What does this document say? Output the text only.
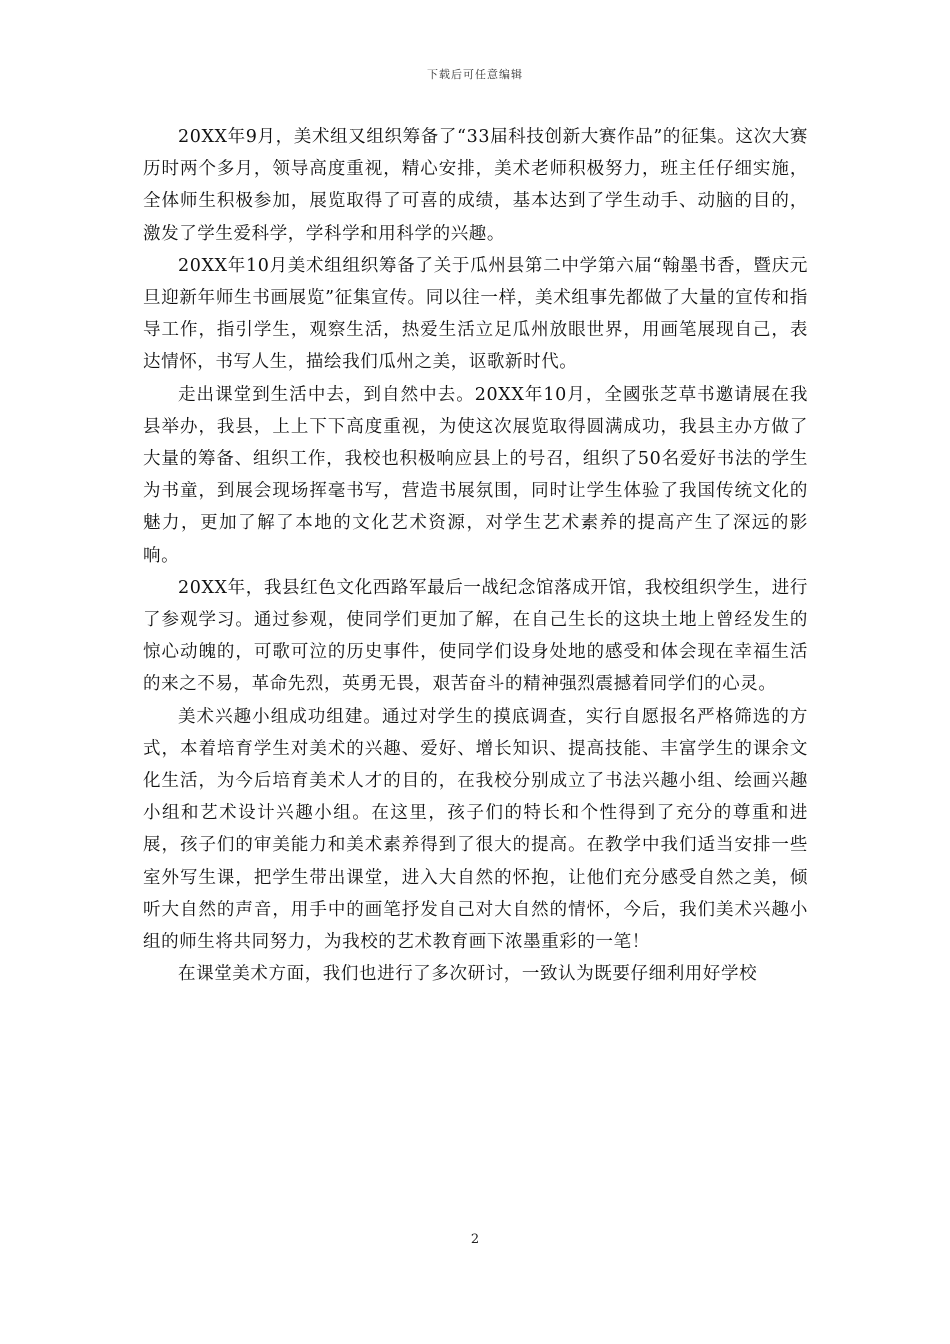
下载后可任意编辑

20XX年9月，美术组又组织筹备了“33届科技创新大赛作品”的征集。这次大赛历时两个多月，领导高度重视，精心安排，美术老师积极努力，班主任仔细实施，全体师生积极参加，展览取得了可喜的成绩，基本达到了学生动手、动脑的目的，激发了学生爱科学，学科学和用科学的兴趣。

20XX年10月美术组组织筹备了关于瓜州县第二中学第六届“翰墨书香，暨庆元旦迎新年师生书画展览”征集宣传。同以往一样，美术组事先都做了大量的宣传和指导工作，指引学生，观察生活，热爱生活立足瓜州放眼世界，用画笔展现自己，表达情怀，书写人生，描绘我们瓜州之美，讴歌新时代。

走出课堂到生活中去，到自然中去。20XX年10月，全國张芝草书邀请展在我县举办，我县，上上下下高度重视，为使这次展览取得圆满成功，我县主办方做了大量的筹备、组织工作，我校也积极响应县上的号召，组织了50名爱好书法的学生为书童，到展会现场挥毫书写，营造书展氛围，同时让学生体验了我国传统文化的魅力，更加了解了本地的文化艺术资源，对学生艺术素养的提高产生了深远的影响。

20XX年，我县红色文化西路军最后一战纪念馆落成开馆，我校组织学生，进行了参观学习。通过参观，使同学们更加了解，在自己生长的这块土地上曾经发生的惊心动魄的，可歌可泣的历史事件，使同学们设身处地的感受和体会现在幸福生活的来之不易，革命先烈，英勇无畏，艰苦奋斗的精神强烈震撼着同学们的心灵。

美术兴趣小组成功组建。通过对学生的摸底调查，实行自愿报名严格筛选的方式，本着培育学生对美术的兴趣、爱好、增长知识、提高技能、丰富学生的课余文化生活，为今后培育美术人才的目的，在我校分别成立了书法兴趣小组、绘画兴趣小组和艺术设计兴趣小组。在这里，孩子们的特长和个性得到了充分的尊重和进展，孩子们的审美能力和美术素养得到了很大的提高。在教学中我们适当安排一些室外写生课，把学生带出课堂，进入大自然的怀抱，让他们充分感受自然之美，倾听大自然的声音，用手中的画笔抒发自己对大自然的情怀，今后，我们美术兴趣小组的师生将共同努力，为我校的艺术教育画下浓墨重彩的一笔！

在课堂美术方面，我们也进行了多次研讨，一致认为既要仔细利用好学校

2
